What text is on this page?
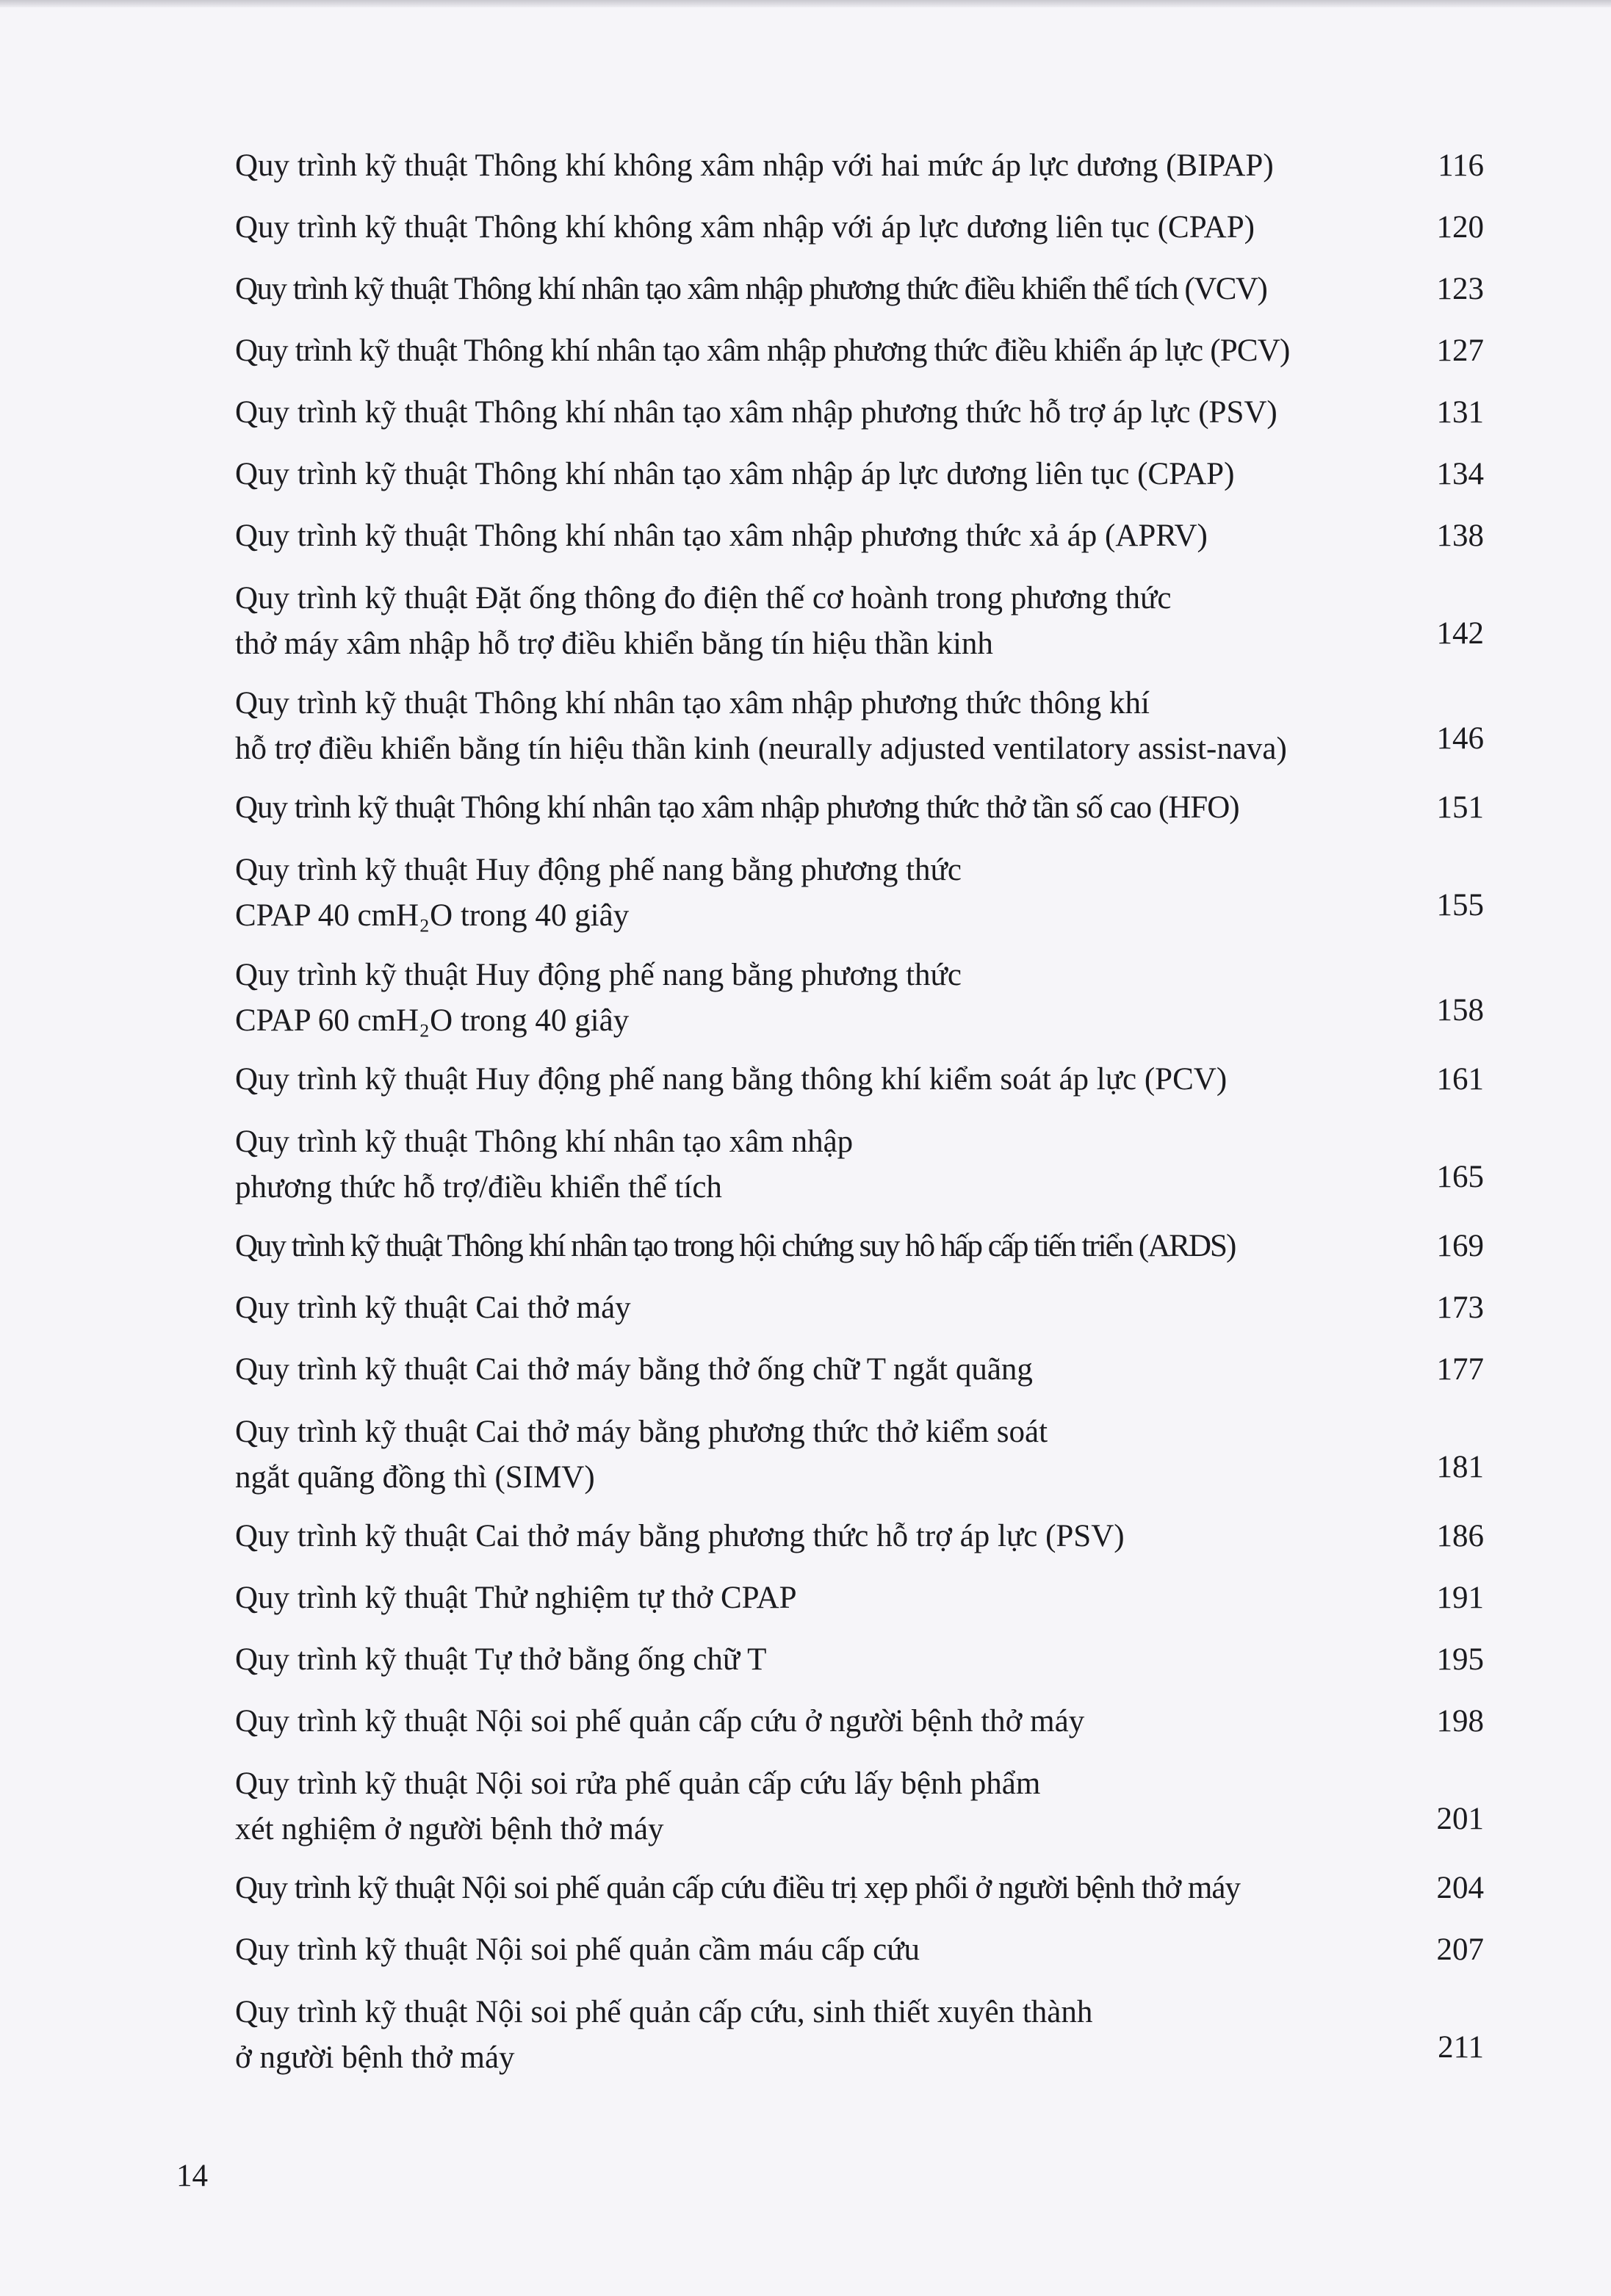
Quy trình kỹ thuật Thông khí không xâm nhập với hai mức áp lực dương (BIPAP)	116
Quy trình kỹ thuật Thông khí không xâm nhập với áp lực dương liên tục (CPAP)	120
Quy trình kỹ thuật Thông khí nhân tạo xâm nhập phương thức điều khiển thể tích (VCV)	123
Quy trình kỹ thuật Thông khí nhân tạo xâm nhập phương thức điều khiển áp lực (PCV)	127
Quy trình kỹ thuật Thông khí nhân tạo xâm nhập phương thức hỗ trợ áp lực (PSV)	131
Quy trình kỹ thuật Thông khí nhân tạo xâm nhập áp lực dương liên tục (CPAP)	134
Quy trình kỹ thuật Thông khí nhân tạo xâm nhập phương thức xả áp (APRV)	138
Quy trình kỹ thuật Đặt ống thông đo điện thế cơ hoành trong phương thức
thở máy xâm nhập hỗ trợ điều khiển bằng tín hiệu thần kinh	142
Quy trình kỹ thuật Thông khí nhân tạo xâm nhập phương thức thông khí
hỗ trợ điều khiển bằng tín hiệu thần kinh (neurally adjusted ventilatory assist-nava)	146
Quy trình kỹ thuật Thông khí nhân tạo xâm nhập phương thức thở tần số cao (HFO)	151
Quy trình kỹ thuật Huy động phế nang bằng phương thức
CPAP 40 cmH₂O trong 40 giây	155
Quy trình kỹ thuật Huy động phế nang bằng phương thức
CPAP 60 cmH₂O trong 40 giây	158
Quy trình kỹ thuật Huy động phế nang bằng thông khí kiểm soát áp lực (PCV)	161
Quy trình kỹ thuật Thông khí nhân tạo xâm nhập
phương thức hỗ trợ/điều khiển thể tích	165
Quy trình kỹ thuật Thông khí nhân tạo trong hội chứng suy hô hấp cấp tiến triển (ARDS)	169
Quy trình kỹ thuật Cai thở máy	173
Quy trình kỹ thuật Cai thở máy bằng thở ống chữ T ngắt quãng	177
Quy trình kỹ thuật Cai thở máy bằng phương thức thở kiểm soát
ngắt quãng đồng thì (SIMV)	181
Quy trình kỹ thuật Cai thở máy bằng phương thức hỗ trợ áp lực (PSV)	186
Quy trình kỹ thuật Thử nghiệm tự thở CPAP	191
Quy trình kỹ thuật Tự thở bằng ống chữ T	195
Quy trình kỹ thuật Nội soi phế quản cấp cứu ở người bệnh thở máy	198
Quy trình kỹ thuật Nội soi rửa phế quản cấp cứu lấy bệnh phẩm
xét nghiệm ở người bệnh thở máy	201
Quy trình kỹ thuật Nội soi phế quản cấp cứu điều trị xẹp phổi ở người bệnh thở máy	204
Quy trình kỹ thuật Nội soi phế quản cầm máu cấp cứu	207
Quy trình kỹ thuật Nội soi phế quản cấp cứu, sinh thiết xuyên thành
ở người bệnh thở máy	211
14
